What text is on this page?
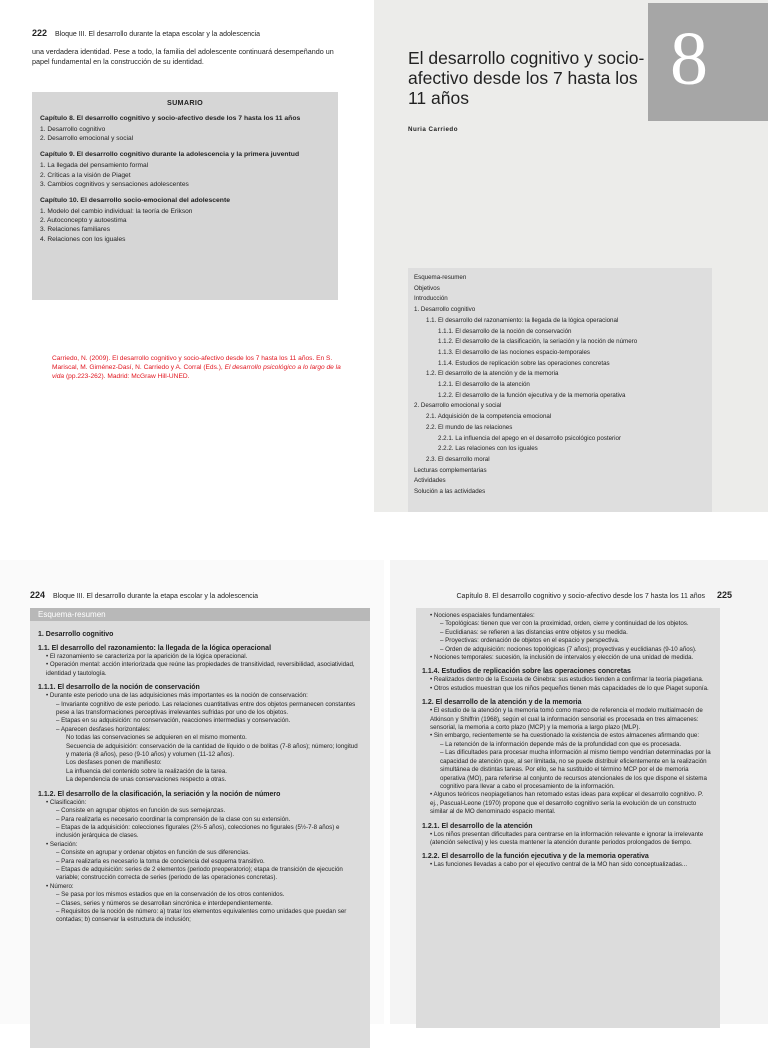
222 Bloque III. El desarrollo durante la etapa escolar y la adolescencia
una verdadera identidad. Pese a todo, la familia del adolescente continuará desempeñando un papel fundamental en la construcción de su identidad.
SUMARIO
Capítulo 8. El desarrollo cognitivo y socio-afectivo desde los 7 hasta los 11 años
1. Desarrollo cognitivo
2. Desarrollo emocional y social
Capítulo 9. El desarrollo cognitivo durante la adolescencia y la primera juventud
1. La llegada del pensamiento formal
2. Críticas a la visión de Piaget
3. Cambios cognitivos y sensaciones adolescentes
Capítulo 10. El desarrollo socio-emocional del adolescente
1. Modelo del cambio individual: la teoría de Erikson
2. Autoconcepto y autoestima
3. Relaciones familiares
4. Relaciones con los iguales
Carriedo, N. (2009). El desarrollo cognitivo y socio-afectivo desde los 7 hasta los 11 años. En S. Mariscal, M. Giménez-Dasí, N. Carriedo y A. Corral (Eds.), El desarrollo psicológico a lo largo de la vida (pp.223-262). Madrid: McGraw Hill-UNED.
8
El desarrollo cognitivo y socio-afectivo desde los 7 hasta los 11 años
Nuria Carriedo
Esquema-resumen
Objetivos
Introducción
1. Desarrollo cognitivo
1.1. El desarrollo del razonamiento: la llegada de la lógica operacional
1.1.1. El desarrollo de la noción de conservación
1.1.2. El desarrollo de la clasificación, la seriación y la noción de número
1.1.3. El desarrollo de las nociones espacio-temporales
1.1.4. Estudios de replicación sobre las operaciones concretas
1.2. El desarrollo de la atención y de la memoria
1.2.1. El desarrollo de la atención
1.2.2. El desarrollo de la función ejecutiva y de la memoria operativa
2. Desarrollo emocional y social
2.1. Adquisición de la competencia emocional
2.2. El mundo de las relaciones
2.2.1. La influencia del apego en el desarrollo psicológico posterior
2.2.2. Las relaciones con los iguales
2.3. El desarrollo moral
Lecturas complementarias
Actividades
Solución a las actividades
224 Bloque III. El desarrollo durante la etapa escolar y la adolescencia
Esquema-resumen
1. Desarrollo cognitivo
1.1. El desarrollo del razonamiento: la llegada de la lógica operacional
• El razonamiento se caracteriza por la aparición de la lógica operacional.
• Operación mental: acción interiorizada que reúne las propiedades de transitividad, reversibilidad, asociatividad, identidad y tautología.
1.1.1. El desarrollo de la noción de conservación
• Durante este periodo una de las adquisiciones más importantes es la noción de conservación:
– Invariante cognitivo de este periodo. Las relaciones cuantitativas entre dos objetos permanecen constantes pese a las transformaciones perceptivas irrelevantes sufridas por uno de los objetos.
– Etapas en su adquisición: no conservación, reacciones intermedias y conservación.
– Aparecen desfases horizontales:
No todas las conservaciones se adquieren en el mismo momento.
Secuencia de adquisición: conservación de la cantidad de líquido o de bolitas (7-8 años); número; longitud y materia (8 años), peso (9-10 años) y volumen (11-12 años).
Los desfases ponen de manifiesto:
La influencia del contenido sobre la realización de la tarea.
La dependencia de unas conservaciones respecto a otras.
1.1.2. El desarrollo de la clasificación, la seriación y la noción de número
• Clasificación:
– Consiste en agrupar objetos en función de sus semejanzas.
– Para realizarla es necesario coordinar la comprensión de la clase con su extensión.
– Etapas de la adquisición: colecciones figurales (2½-5 años), colecciones no figurales (5½-7-8 años) e inclusión jerárquica de clases.
• Seriación:
– Consiste en agrupar y ordenar objetos en función de sus diferencias.
– Para realizarla es necesario la toma de conciencia del esquema transitivo.
– Etapas de adquisición: series de 2 elementos (periodo preoperatorio); etapa de transición de ejecución variable; construcción correcta de series (periodo de las operaciones concretas).
• Número:
– Se pasa por los mismos estadios que en la conservación de los otros contenidos.
– Clases, series y números se desarrollan sincrónica e interdependientemente.
– Requisitos de la noción de número: a) tratar los elementos equivalentes como unidades que puedan ser contadas; b) conservar la estructura de inclusión;
Capítulo 8. El desarrollo cognitivo y socio-afectivo desde los 7 hasta los 11 años 225
• Nociones espaciales fundamentales:
– Topológicas: tienen que ver con la proximidad, orden, cierre y continuidad de los objetos.
– Euclidianas: se refieren a las distancias entre objetos y su medida.
– Proyectivas: ordenación de objetos en el espacio y perspectiva.
– Orden de adquisición: nociones topológicas (7 años); proyectivas y euclidianas (9-10 años).
• Nociones temporales: sucesión, la inclusión de intervalos y elección de una unidad de medida.
1.1.4. Estudios de replicación sobre las operaciones concretas
• Realizados dentro de la Escuela de Ginebra: sus estudios tienden a confirmar la teoría piagetiana.
• Otros estudios muestran que los niños pequeños tienen más capacidades de lo que Piaget suponía.
1.2. El desarrollo de la atención y de la memoria
• El estudio de la atención y la memoria tomó como marco de referencia el modelo multialmacén de Atkinson y Shiffrin (1968), según el cual la información sensorial es procesada en tres almacenes: sensorial, la memoria a corto plazo (MCP) y la memoria a largo plazo (MLP).
• Sin embargo, recientemente se ha cuestionado la existencia de estos almacenes afirmando que:
– La retención de la información depende más de la profundidad con que es procesada.
– Las dificultades para procesar mucha información al mismo tiempo vendrían determinadas por la capacidad de atención que, al ser limitada, no se puede distribuir eficientemente en la realización simultánea de distintas tareas. Por ello, se ha sustituido el término MCP por el de memoria operativa (MO), para referirse al conjunto de recursos atencionales de los que dispone el sistema cognitivo para llevar a cabo el procesamiento de la información.
• Algunos teóricos neopiagetianos han retomado estas ideas para explicar el desarrollo cognitivo. P. ej., Pascual-Leone (1970) propone que el desarrollo cognitivo sería la evolución de un constructo similar al de MO denominado espacio mental.
1.2.1. El desarrollo de la atención
• Los niños presentan dificultades para centrarse en la información relevante e ignorar la irrelevante (atención selectiva) y les cuesta mantener la atención durante periodos prolongados de tiempo.
1.2.2. El desarrollo de la función ejecutiva y de la memoria operativa
• Las funciones llevadas a cabo por el ejecutivo central de la MO han sido conceptualizadas...
